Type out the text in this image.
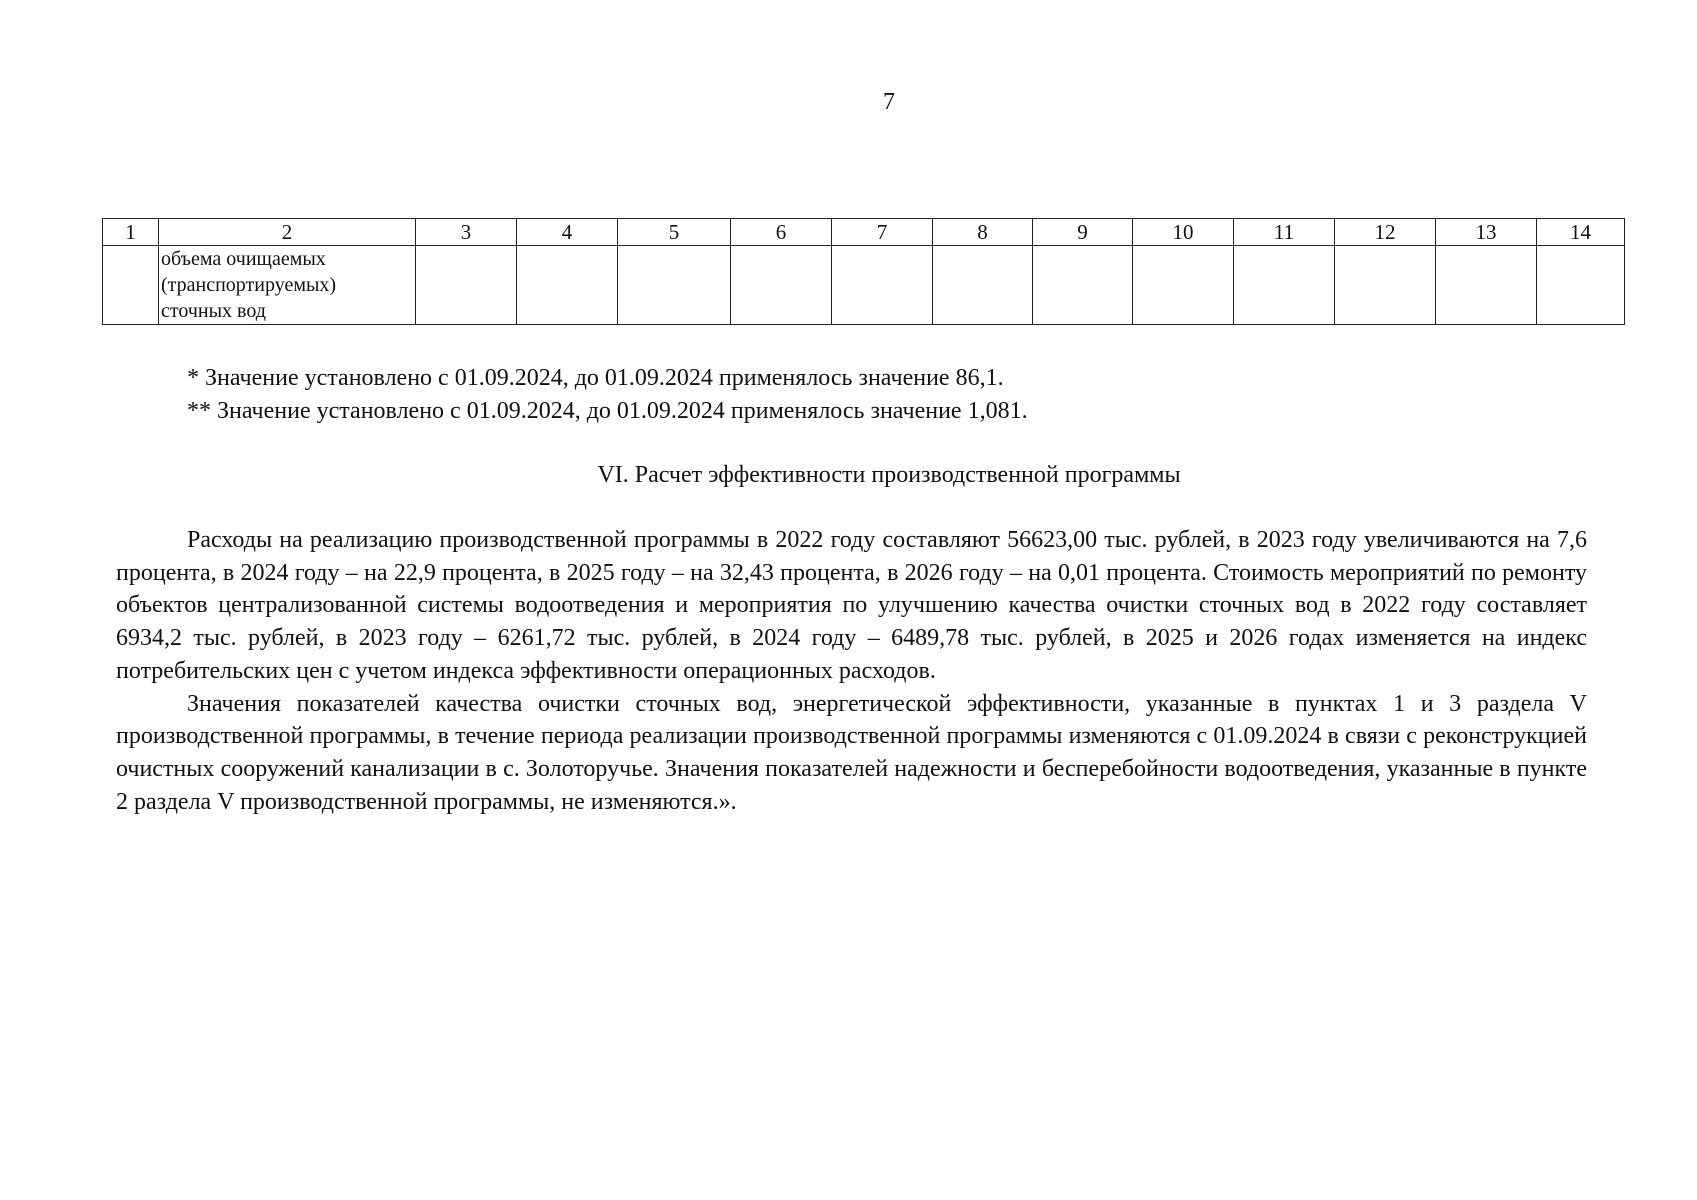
7
1	2	3	4	5	6	7	8	9	10	11	12	13	14
	объема очищаемых
(транспортируемых)
сточных вод												

* Значение установлено с 01.09.2024, до 01.09.2024 применялось значение 86,1.

** Значение установлено с 01.09.2024, до 01.09.2024 применялось значение 1,081.

VI. Расчет эффективности производственной программы

Расходы на реализацию производственной программы в 2022 году составляют 56623,00 тыс. рублей, в 2023 году увеличиваются на 7,6 процента, в 2024 году – на 22,9 процента, в 2025 году – на 32,43 процента, в 2026 году – на 0,01 процента. Стоимость мероприятий по ремонту объектов централизованной системы водоотведения и мероприятия по улучшению качества очистки сточных вод в 2022 году составляет 6934,2 тыс. рублей, в 2023 году – 6261,72 тыс. рублей, в 2024 году – 6489,78 тыс. рублей, в 2025 и 2026 годах изменяется на индекс потребительских цен с учетом индекса эффективности операционных расходов.

Значения показателей качества очистки сточных вод, энергетической эффективности, указанные в пунктах 1 и 3 раздела V производственной программы, в течение периода реализации производственной программы изменяются с 01.09.2024 в связи с реконструкцией очистных сооружений канализации в с. Золоторучье. Значения показателей надежности и бесперебойности водоотведения, указанные в пункте 2 раздела V производственной программы, не изменяются.».
